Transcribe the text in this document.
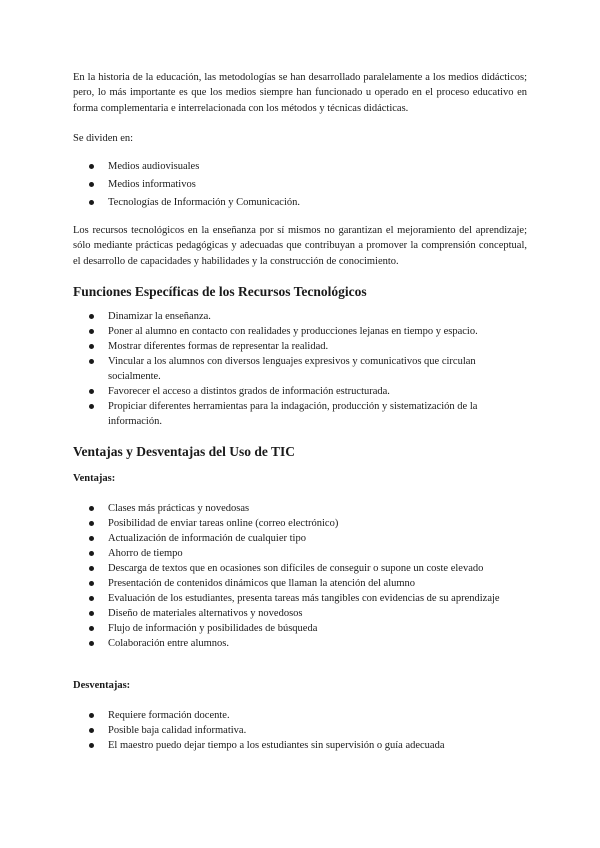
En la historia de la educación, las metodologías se han desarrollado paralelamente a los medios didácticos; pero, lo más importante es que los medios siempre han funcionado u operado en el proceso educativo en forma complementaria e interrelacionada con los métodos y técnicas didácticas.

Se dividen en:

Medios audiovisuales
Medios informativos
Tecnologías de Información y Comunicación.

Los recursos tecnológicos en la enseñanza por sí mismos no garantizan el mejoramiento del aprendizaje; sólo mediante prácticas pedagógicas y adecuadas que contribuyan a promover la comprensión conceptual, el desarrollo de capacidades y habilidades y la construcción de conocimiento.

Funciones Específicas de los Recursos Tecnológicos
Dinamizar la enseñanza.
Poner al alumno en contacto con realidades y producciones lejanas en tiempo y espacio.
Mostrar diferentes formas de representar la realidad.
Vincular a los alumnos con diversos lenguajes expresivos y comunicativos que circulan socialmente.
Favorecer el acceso a distintos grados de información estructurada.
Propiciar diferentes herramientas para la indagación, producción y sistematización de la información.
Ventajas y Desventajas del Uso de TIC
Ventajas:
Clases más prácticas y novedosas
Posibilidad de enviar tareas online (correo electrónico)
Actualización de información de cualquier tipo
Ahorro de tiempo
Descarga de textos que en ocasiones son difíciles de conseguir o supone un coste elevado
Presentación de contenidos dinámicos que llaman la atención del alumno
Evaluación de los estudiantes, presenta tareas más tangibles con evidencias de su aprendizaje
Diseño de materiales alternativos y novedosos
Flujo de información y posibilidades de búsqueda
Colaboración entre alumnos.
Desventajas:
Requiere formación docente.
Posible baja calidad informativa.
El maestro puedo dejar tiempo a los estudiantes sin supervisión o guía adecuada
